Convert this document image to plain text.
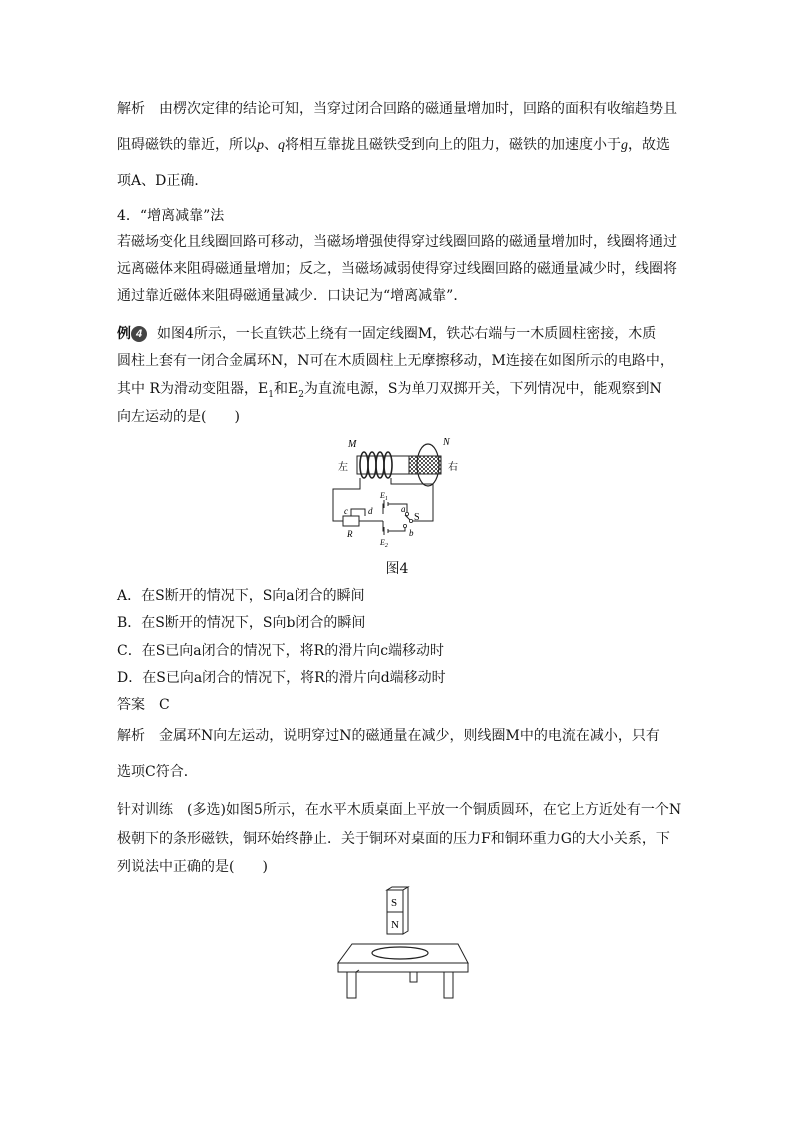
解析 由楞次定律的结论可知，当穿过闭合回路的磁通量增加时，回路的面积有收缩趋势且
阻碍磁铁的靠近，所以p、q将相互靠拢且磁铁受到向上的阻力，磁铁的加速度小于g，故选
项A、D正确．
4．“增离减靠”法
若磁场变化且线圈回路可移动，当磁场增强使得穿过线圈回路的磁通量增加时，线圈将通过
远离磁体来阻碍磁通量增加；反之，当磁场减弱使得穿过线圈回路的磁通量减少时，线圈将
通过靠近磁体来阻碍磁通量减少．口诀记为“增离减靠”．
例 4 如图4所示，一长直铁芯上绕有一固定线圈M，铁芯右端与一木质圆柱密接，木质
圆柱上套有一闭合金属环N，N可在木质圆柱上无摩擦移动，M连接在如图所示的电路中，
其中 R为滑动变阻器，$E_1$和$E_2$为直流电源，S为单刀双掷开关，下列情况中，能观察到N
向左运动的是(　　)
M	N
左	右
$E_1$
$E_2$
c d	a
b
R
S
图4
A．在S断开的情况下，S向a闭合的瞬间
B．在S断开的情况下，S向b闭合的瞬间
C．在S已向a闭合的情况下，将R的滑片向c端移动时
D．在S已向a闭合的情况下，将R的滑片向d端移动时
答案 C
解析 金属环N向左运动，说明穿过N的磁通量在减少，则线圈M中的电流在减小，只有
选项C符合．
针对训练　(多选)如图5所示，在水平木质桌面上平放一个铜质圆环，在它上方近处有一个N
极朝下的条形磁铁，铜环始终静止．关于铜环对桌面的压力F和铜环重力G的大小关系，下
列说法中正确的是(　　)
S
N
